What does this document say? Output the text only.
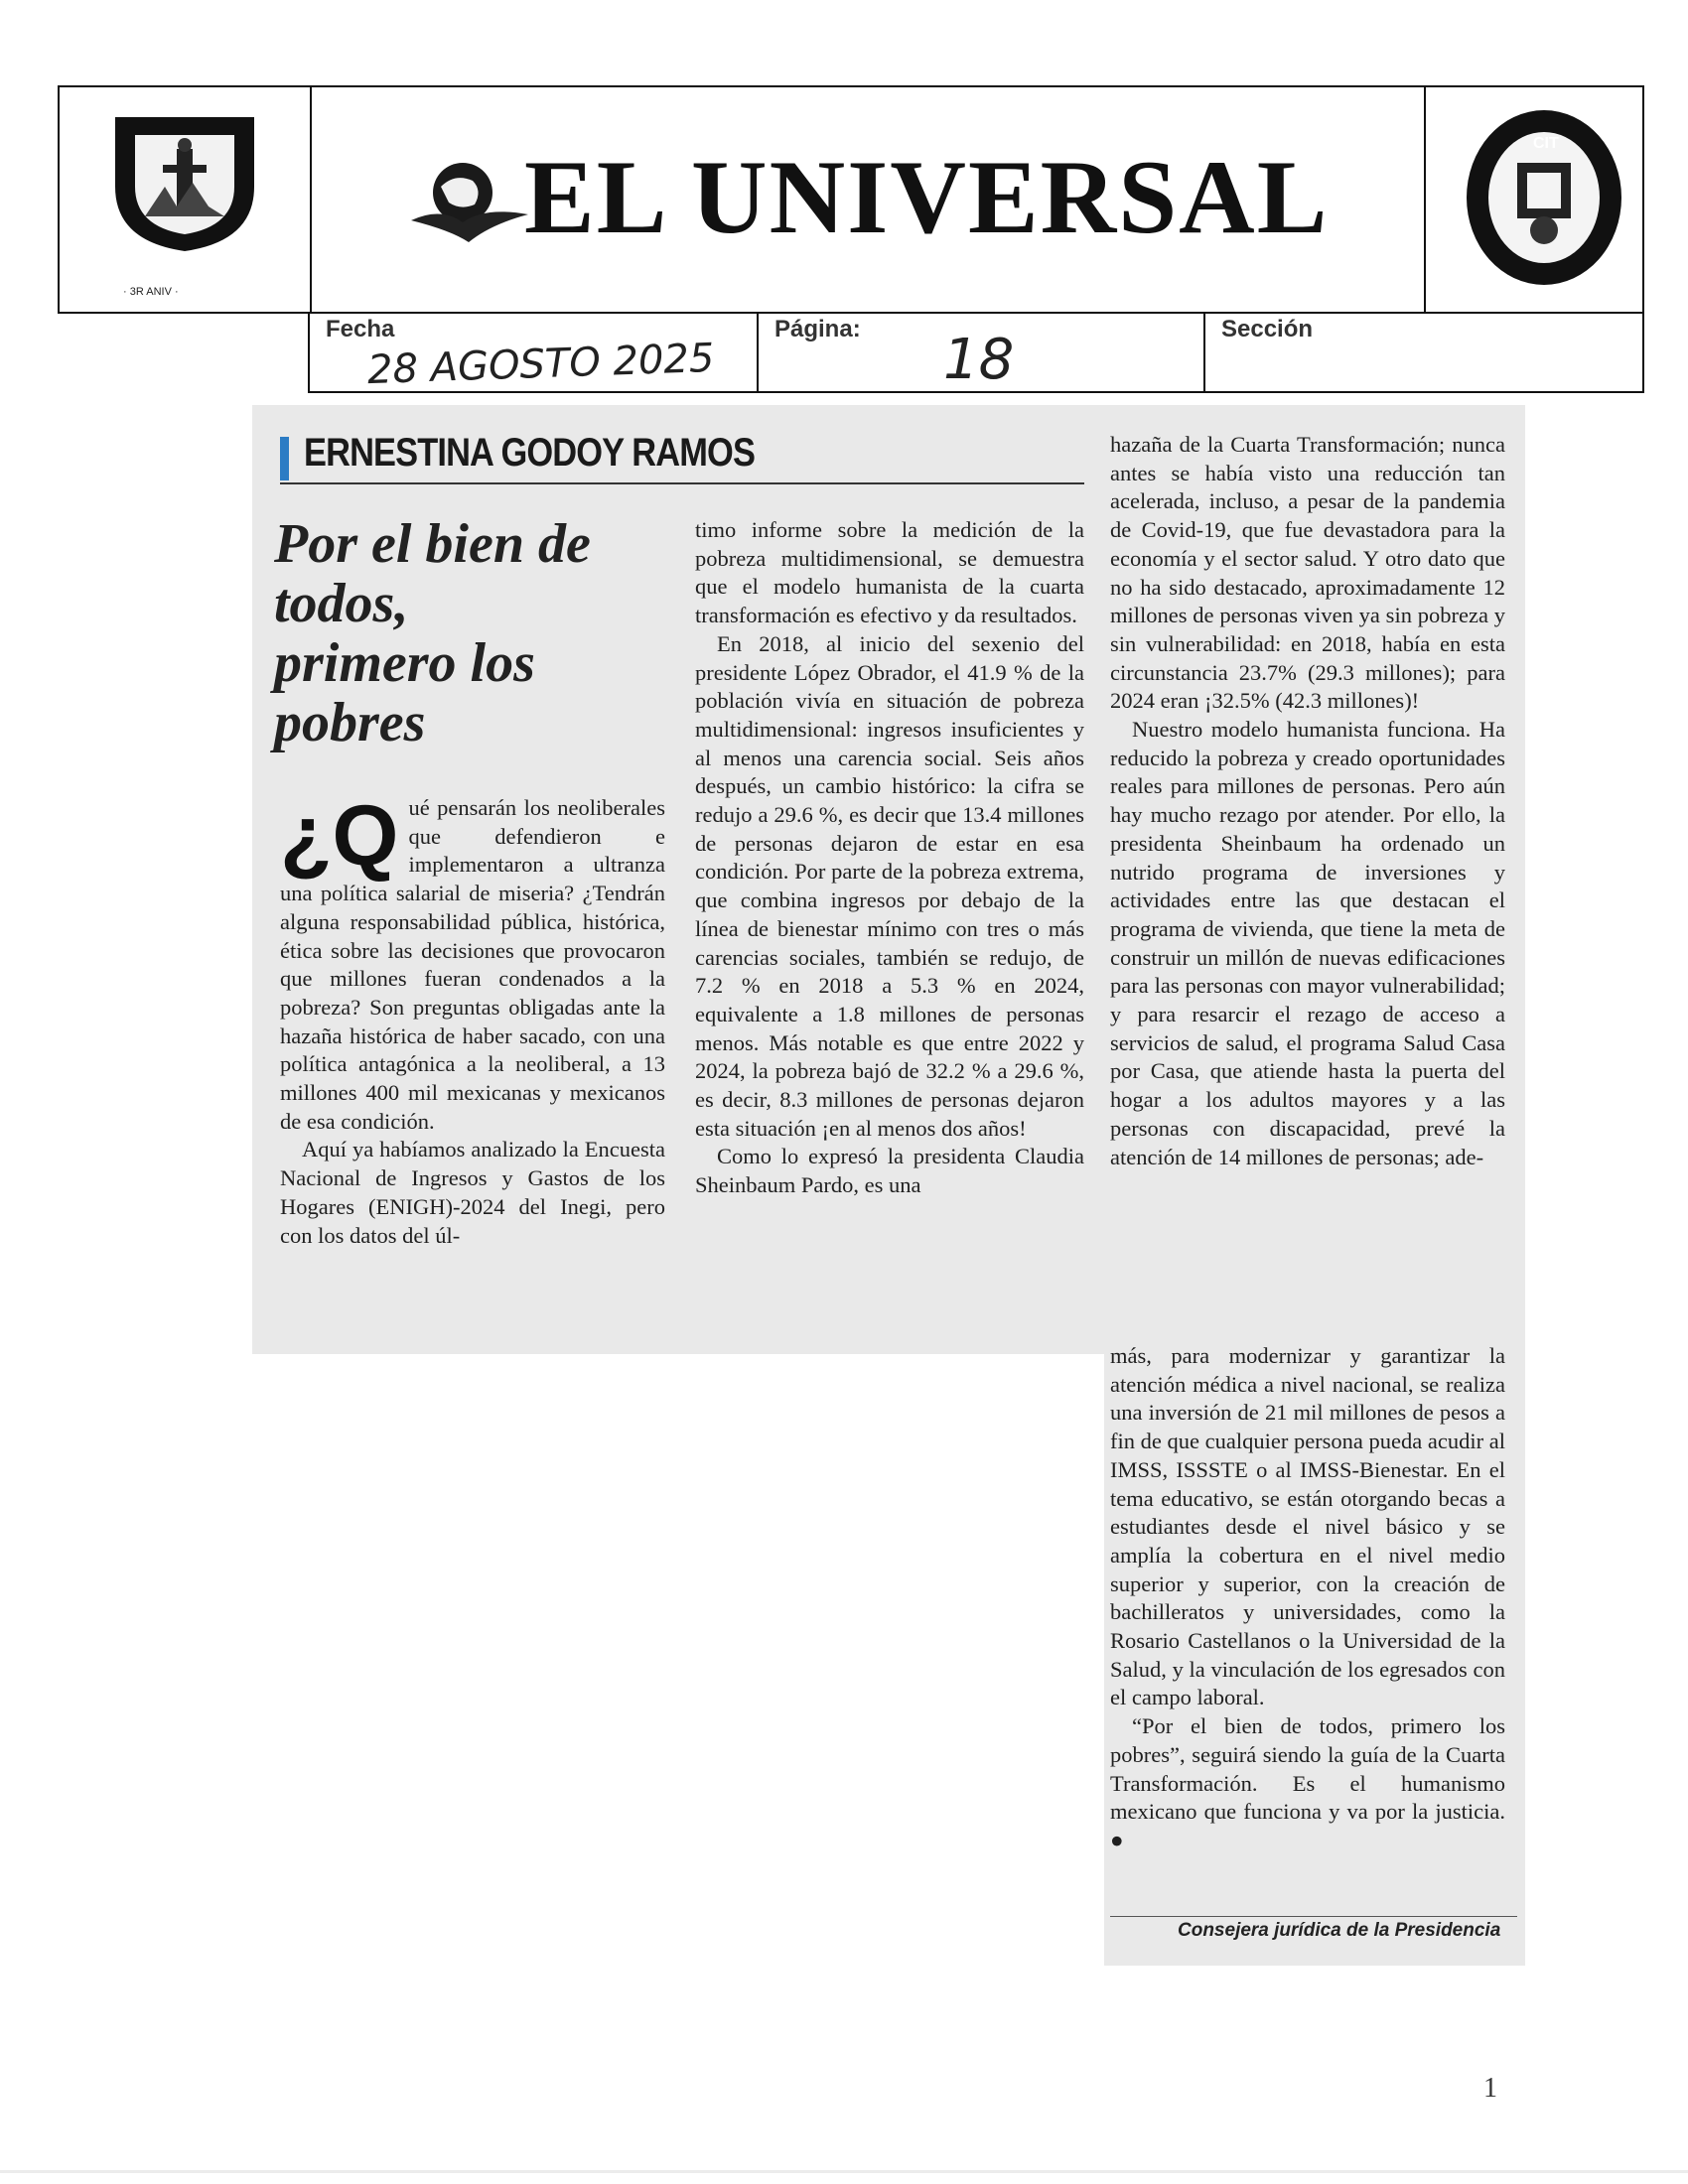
· 3R ANIV ·
EL UNIVERSAL	CIT
Fecha
28 AGOSTO 2025
Página: 18	Sección
ERNESTINA GODOY RAMOS
Por el bien de todos, primero los pobres

¿Q ué pensarán los neoliberales que defendieron e implementaron a ultranza una política salarial de miseria? ¿Tendrán alguna responsabilidad pública, histórica, ética sobre las decisiones que provocaron que millones fueran condenados a la pobreza? Son preguntas obligadas ante la hazaña histórica de haber sacado, con una política antagónica a la neoliberal, a 13 millones 400 mil mexicanas y mexicanos de esa condición.

Aquí ya habíamos analizado la Encuesta Nacional de Ingresos y Gastos de los Hogares (ENIGH)-2024 del Inegi, pero con los datos del úl-

timo informe sobre la medición de la pobreza multidimensional, se demuestra que el modelo humanista de la cuarta transformación es efectivo y da resultados.

En 2018, al inicio del sexenio del presidente López Obrador, el 41.9 % de la población vivía en situación de pobreza multidimensional: ingresos insuficientes y al menos una carencia social. Seis años después, un cambio histórico: la cifra se redujo a 29.6 %, es decir que 13.4 millones de personas dejaron de estar en esa condición. Por parte de la pobreza extrema, que combina ingresos por debajo de la línea de bienestar mínimo con tres o más carencias sociales, también se redujo, de 7.2 % en 2018 a 5.3 % en 2024, equivalente a 1.8 millones de personas menos. Más notable es que entre 2022 y 2024, la pobreza bajó de 32.2 % a 29.6 %, es decir, 8.3 millones de personas dejaron esta situación ¡en al menos dos años!

Como lo expresó la presidenta Claudia Sheinbaum Pardo, es una

hazaña de la Cuarta Transformación; nunca antes se había visto una reducción tan acelerada, incluso, a pesar de la pandemia de Covid-19, que fue devastadora para la economía y el sector salud. Y otro dato que no ha sido destacado, aproximadamente 12 millones de personas viven ya sin pobreza y sin vulnerabilidad: en 2018, había en esta circunstancia 23.7% (29.3 millones); para 2024 eran ¡32.5% (42.3 millones)!

Nuestro modelo humanista funciona. Ha reducido la pobreza y creado oportunidades reales para millones de personas. Pero aún hay mucho rezago por atender. Por ello, la presidenta Sheinbaum ha ordenado un nutrido programa de inversiones y actividades entre las que destacan el programa de vivienda, que tiene la meta de construir un millón de nuevas edificaciones para las personas con mayor vulnerabilidad; y para resarcir el rezago de acceso a servicios de salud, el programa Salud Casa por Casa, que atiende hasta la puerta del hogar a los adultos mayores y a las personas con discapacidad, prevé la atención de 14 millones de personas; ade-

más, para modernizar y garantizar la atención médica a nivel nacional, se realiza una inversión de 21 mil millones de pesos a fin de que cualquier persona pueda acudir al IMSS, ISSSTE o al IMSS-Bienestar. En el tema educativo, se están otorgando becas a estudiantes desde el nivel básico y se amplía la cobertura en el nivel medio superior y superior, con la creación de bachilleratos y universidades, como la Rosario Castellanos o la Universidad de la Salud, y la vinculación de los egresados con el campo laboral.

“Por el bien de todos, primero los pobres”, seguirá siendo la guía de la Cuarta Transformación. Es el humanismo mexicano que funciona y va por la justicia. ●

Consejera jurídica de la Presidencia
1
